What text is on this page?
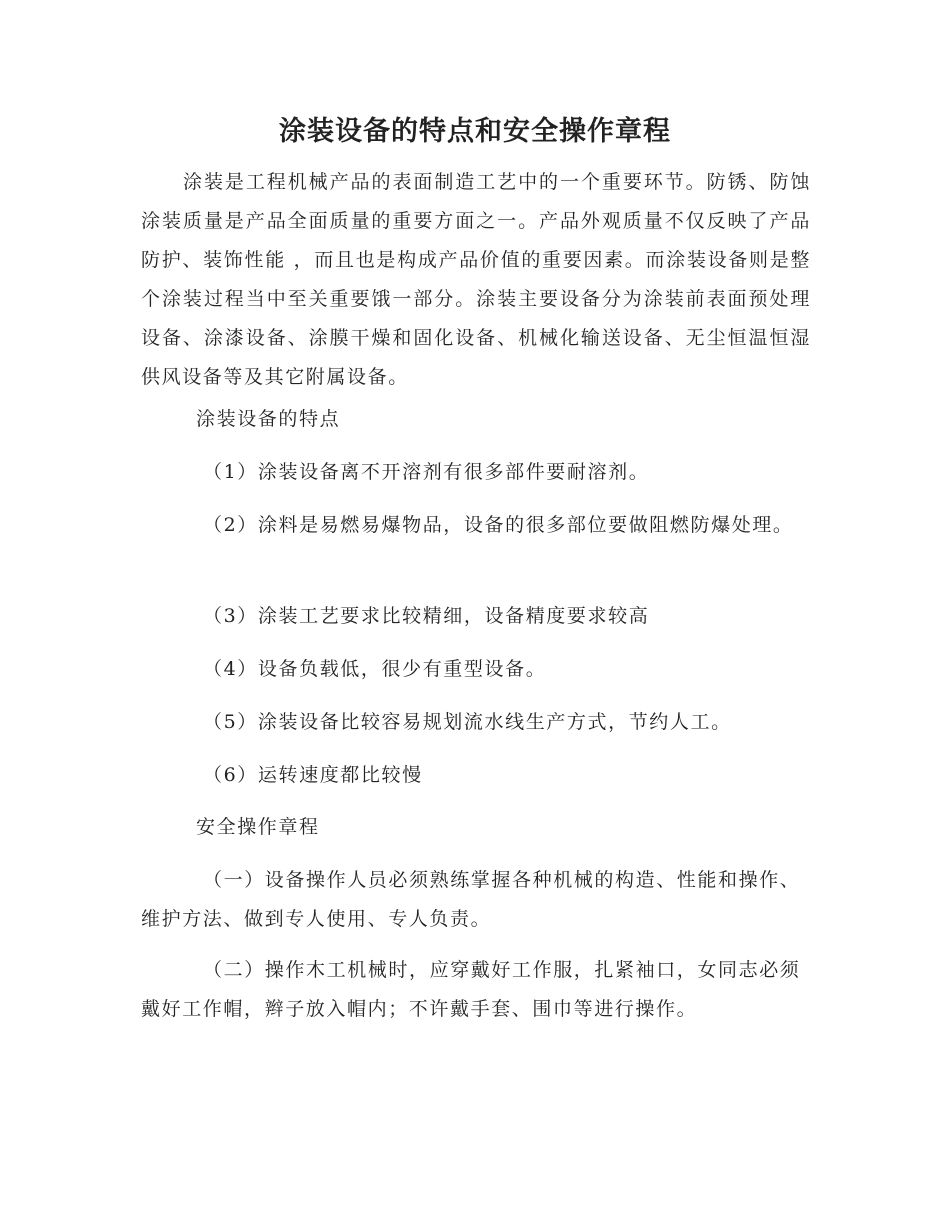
涂装设备的特点和安全操作章程

涂装是工程机械产品的表面制造工艺中的一个重要环节。防锈、防蚀涂装质量是产品全面质量的重要方面之一。产品外观质量不仅反映了产品防护、装饰性能 ，而且也是构成产品价值的重要因素。而涂装设备则是整个涂装过程当中至关重要饿一部分。涂装主要设备分为涂装前表面预处理设备、涂漆设备、涂膜干燥和固化设备、机械化输送设备、无尘恒温恒湿供风设备等及其它附属设备。

涂装设备的特点

（1）涂装设备离不开溶剂有很多部件要耐溶剂。

（2）涂料是易燃易爆物品，设备的很多部位要做阻燃防爆处理。

（3）涂装工艺要求比较精细，设备精度要求较高

（4）设备负载低，很少有重型设备。

（5）涂装设备比较容易规划流水线生产方式，节约人工。

（6）运转速度都比较慢

安全操作章程

（一）设备操作人员必须熟练掌握各种机械的构造、性能和操作、维护方法、做到专人使用、专人负责。

（二）操作木工机械时，应穿戴好工作服，扎紧袖口，女同志必须戴好工作帽，辫子放入帽内；不许戴手套、围巾等进行操作。
